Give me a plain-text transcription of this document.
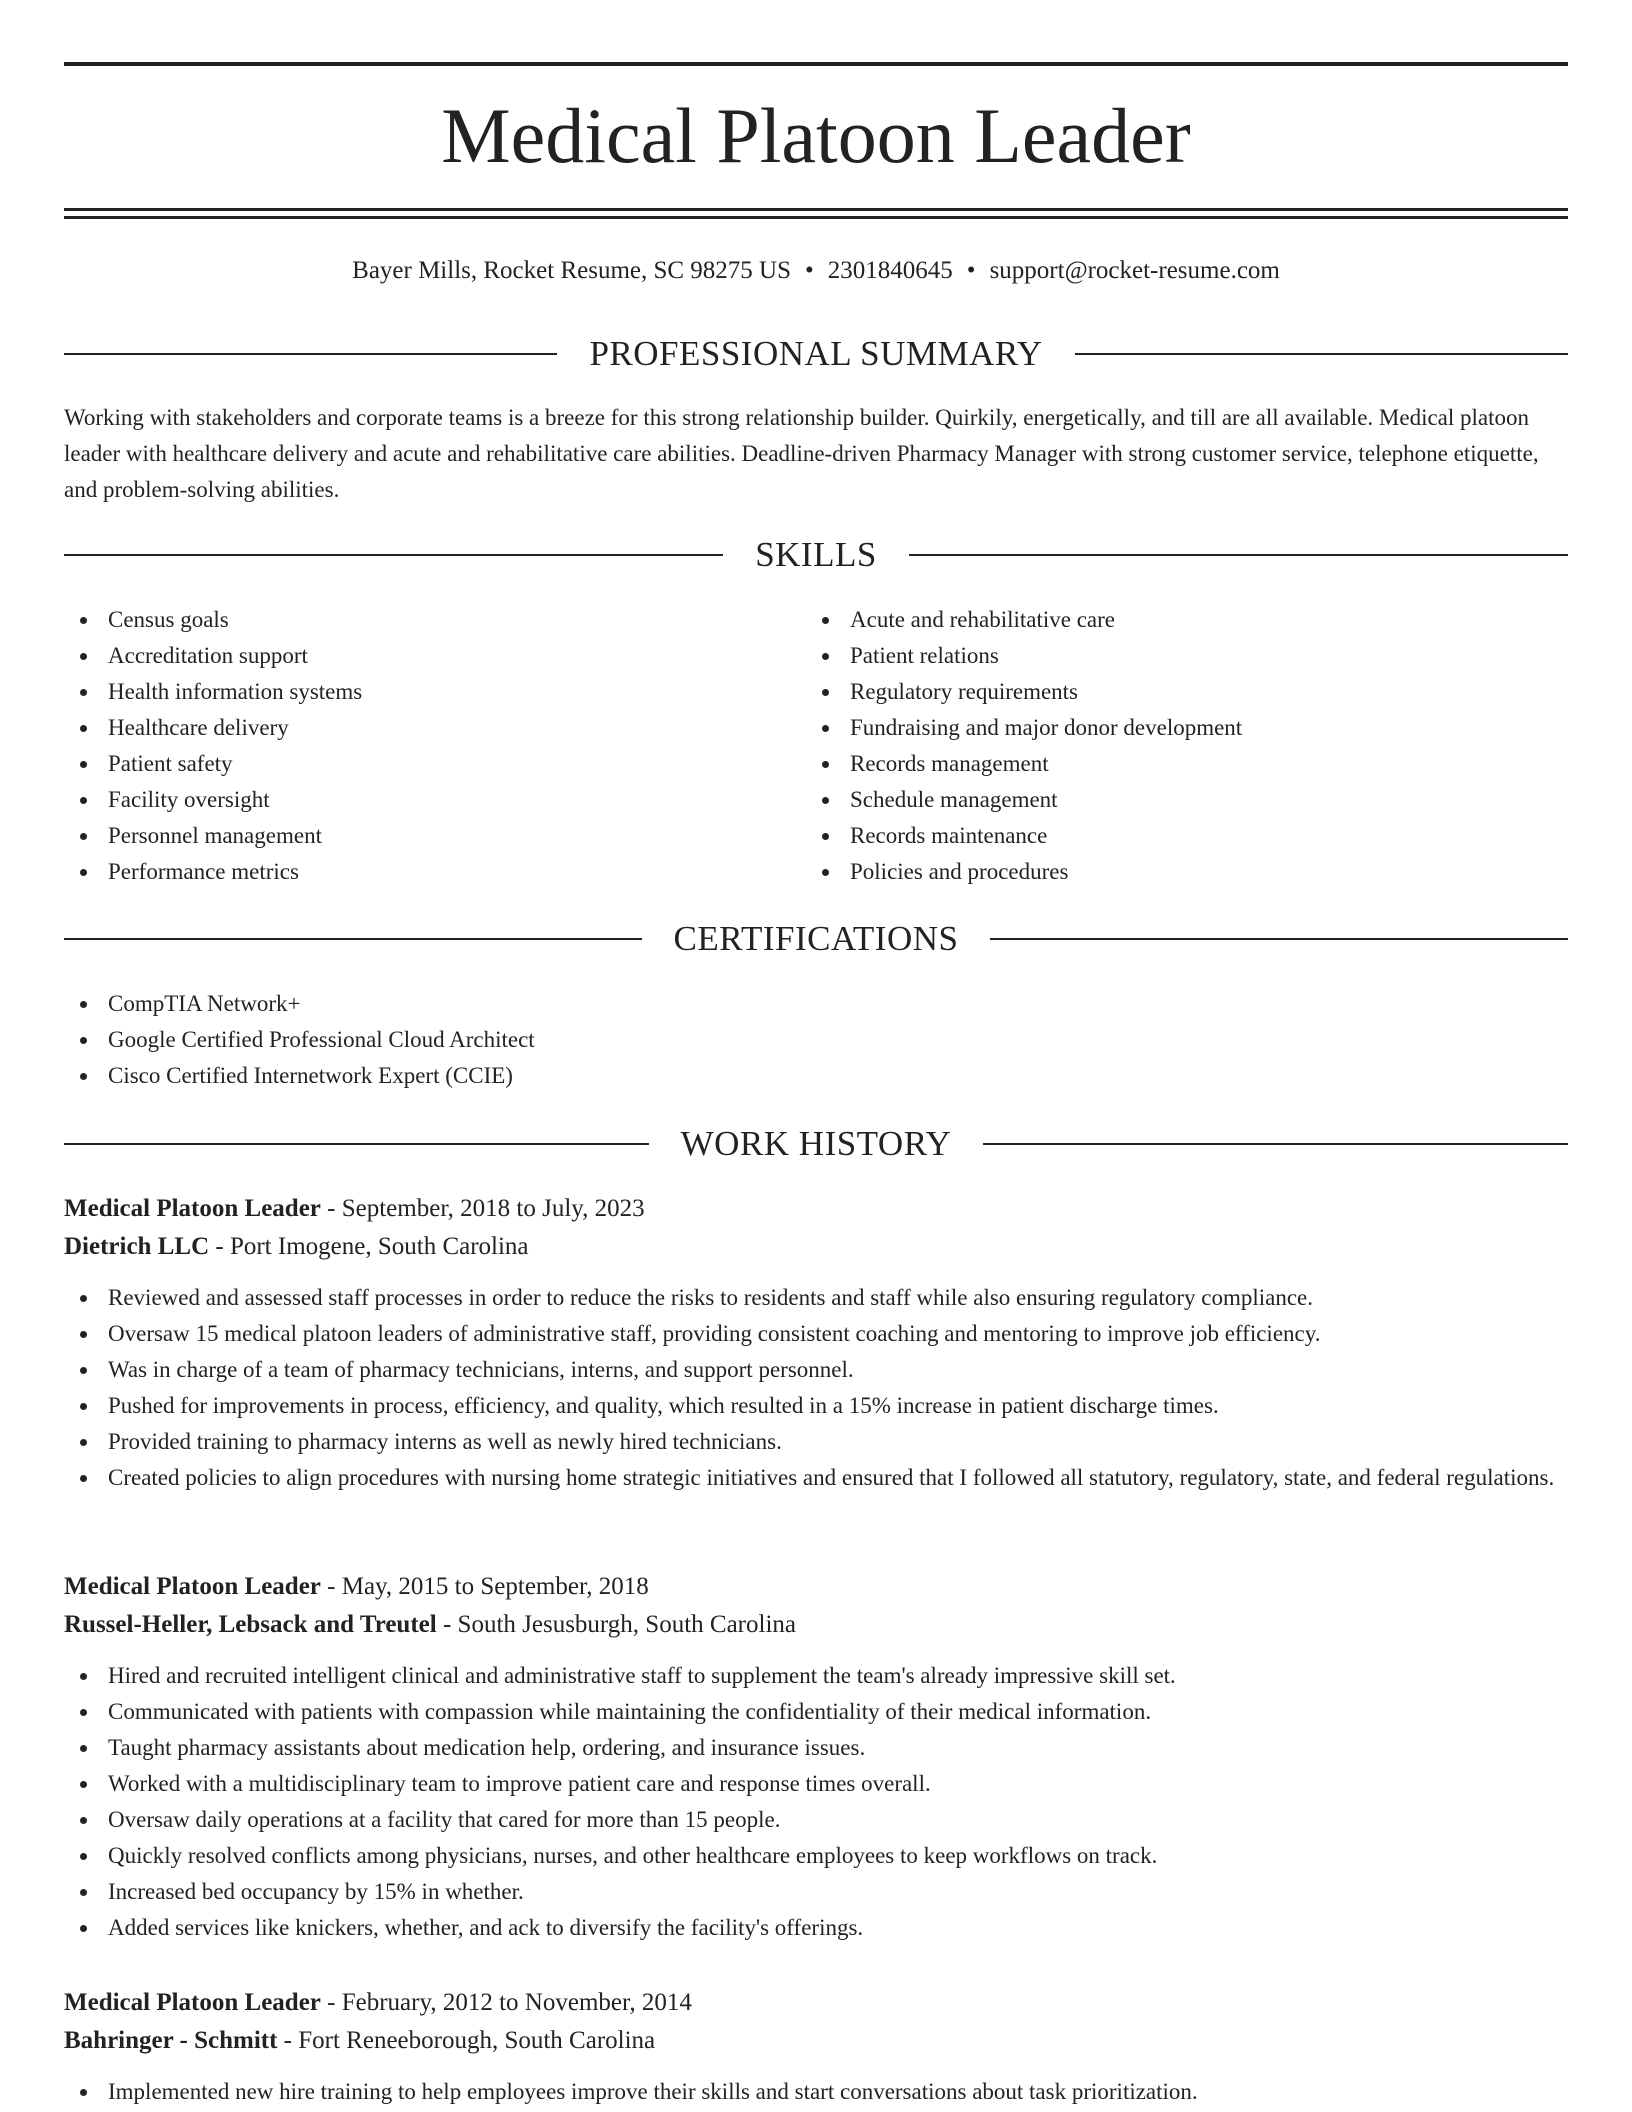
Medical Platoon Leader
Bayer Mills, Rocket Resume, SC 98275 US • 2301840645 • support@rocket-resume.com
PROFESSIONAL SUMMARY
Working with stakeholders and corporate teams is a breeze for this strong relationship builder. Quirkily, energetically, and till are all available. Medical platoon leader with healthcare delivery and acute and rehabilitative care abilities. Deadline-driven Pharmacy Manager with strong customer service, telephone etiquette, and problem-solving abilities.
SKILLS
Census goals
Accreditation support
Health information systems
Healthcare delivery
Patient safety
Facility oversight
Personnel management
Performance metrics
Acute and rehabilitative care
Patient relations
Regulatory requirements
Fundraising and major donor development
Records management
Schedule management
Records maintenance
Policies and procedures
CERTIFICATIONS
CompTIA Network+
Google Certified Professional Cloud Architect
Cisco Certified Internetwork Expert (CCIE)
WORK HISTORY
Medical Platoon Leader - September, 2018 to July, 2023
Dietrich LLC - Port Imogene, South Carolina
Reviewed and assessed staff processes in order to reduce the risks to residents and staff while also ensuring regulatory compliance.
Oversaw 15 medical platoon leaders of administrative staff, providing consistent coaching and mentoring to improve job efficiency.
Was in charge of a team of pharmacy technicians, interns, and support personnel.
Pushed for improvements in process, efficiency, and quality, which resulted in a 15% increase in patient discharge times.
Provided training to pharmacy interns as well as newly hired technicians.
Created policies to align procedures with nursing home strategic initiatives and ensured that I followed all statutory, regulatory, state, and federal regulations.
Medical Platoon Leader - May, 2015 to September, 2018
Russel-Heller, Lebsack and Treutel - South Jesusburgh, South Carolina
Hired and recruited intelligent clinical and administrative staff to supplement the team's already impressive skill set.
Communicated with patients with compassion while maintaining the confidentiality of their medical information.
Taught pharmacy assistants about medication help, ordering, and insurance issues.
Worked with a multidisciplinary team to improve patient care and response times overall.
Oversaw daily operations at a facility that cared for more than 15 people.
Quickly resolved conflicts among physicians, nurses, and other healthcare employees to keep workflows on track.
Increased bed occupancy by 15% in whether.
Added services like knickers, whether, and ack to diversify the facility's offerings.
Medical Platoon Leader - February, 2012 to November, 2014
Bahringer - Schmitt - Fort Reneeborough, South Carolina
Implemented new hire training to help employees improve their skills and start conversations about task prioritization.
